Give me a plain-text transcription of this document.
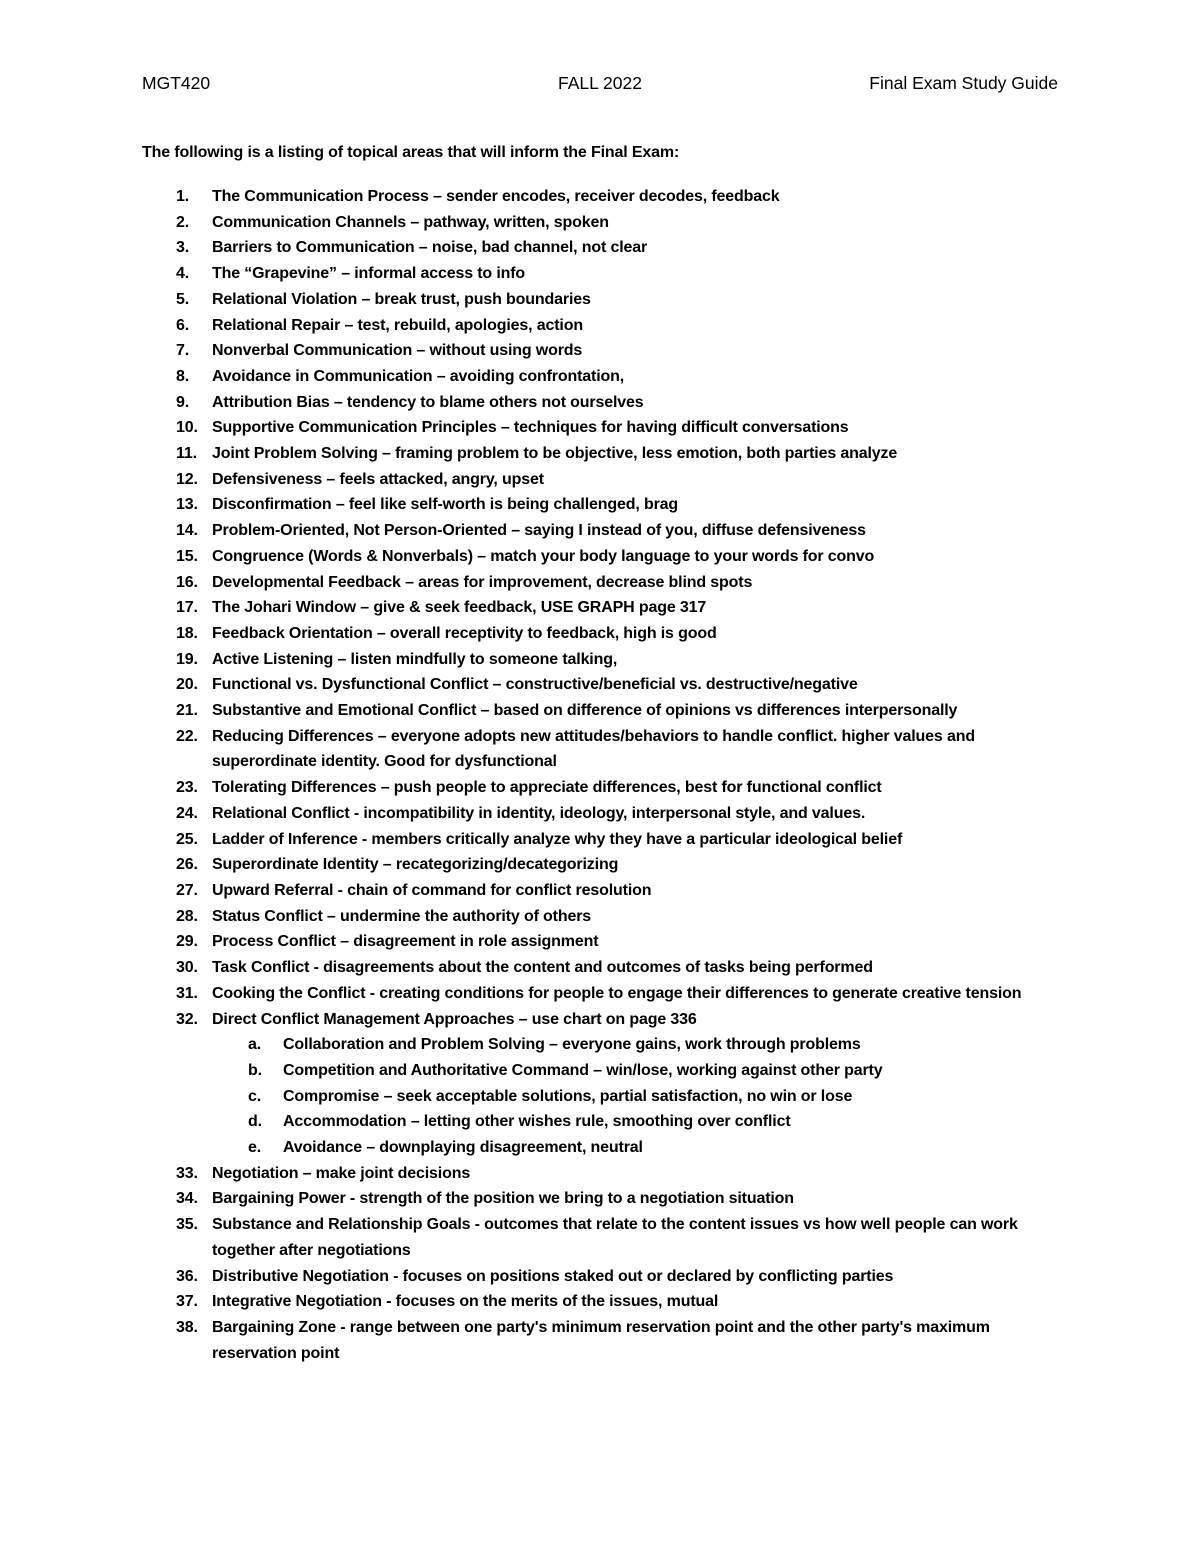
MGT420	FALL 2022	Final Exam Study Guide
The following is a listing of topical areas that will inform the Final Exam:
1. The Communication Process – sender encodes, receiver decodes, feedback
2. Communication Channels – pathway, written, spoken
3. Barriers to Communication – noise, bad channel, not clear
4. The “Grapevine” – informal access to info
5. Relational Violation – break trust, push boundaries
6. Relational Repair – test, rebuild, apologies, action
7. Nonverbal Communication – without using words
8. Avoidance in Communication – avoiding confrontation,
9. Attribution Bias – tendency to blame others not ourselves
10. Supportive Communication Principles – techniques for having difficult conversations
11. Joint Problem Solving – framing problem to be objective, less emotion, both parties analyze
12. Defensiveness – feels attacked, angry, upset
13. Disconfirmation – feel like self-worth is being challenged, brag
14. Problem-Oriented, Not Person-Oriented – saying I instead of you, diffuse defensiveness
15. Congruence (Words & Nonverbals) – match your body language to your words for convo
16. Developmental Feedback – areas for improvement, decrease blind spots
17. The Johari Window – give & seek feedback, USE GRAPH page 317
18. Feedback Orientation – overall receptivity to feedback, high is good
19. Active Listening – listen mindfully to someone talking,
20. Functional vs. Dysfunctional Conflict – constructive/beneficial vs. destructive/negative
21. Substantive and Emotional Conflict – based on difference of opinions vs differences interpersonally
22. Reducing Differences – everyone adopts new attitudes/behaviors to handle conflict. higher values and superordinate identity. Good for dysfunctional
23. Tolerating Differences – push people to appreciate differences, best for functional conflict
24. Relational Conflict - incompatibility in identity, ideology, interpersonal style, and values.
25. Ladder of Inference - members critically analyze why they have a particular ideological belief
26. Superordinate Identity – recategorizing/decategorizing
27. Upward Referral - chain of command for conflict resolution
28. Status Conflict – undermine the authority of others
29. Process Conflict – disagreement in role assignment
30. Task Conflict - disagreements about the content and outcomes of tasks being performed
31. Cooking the Conflict - creating conditions for people to engage their differences to generate creative tension
32. Direct Conflict Management Approaches – use chart on page 336
a. Collaboration and Problem Solving – everyone gains, work through problems
b. Competition and Authoritative Command – win/lose, working against other party
c. Compromise – seek acceptable solutions, partial satisfaction, no win or lose
d. Accommodation – letting other wishes rule, smoothing over conflict
e. Avoidance – downplaying disagreement, neutral
33. Negotiation – make joint decisions
34. Bargaining Power - strength of the position we bring to a negotiation situation
35. Substance and Relationship Goals - outcomes that relate to the content issues vs how well people can work together after negotiations
36. Distributive Negotiation - focuses on positions staked out or declared by conflicting parties
37. Integrative Negotiation - focuses on the merits of the issues, mutual
38. Bargaining Zone - range between one party's minimum reservation point and the other party's maximum reservation point
